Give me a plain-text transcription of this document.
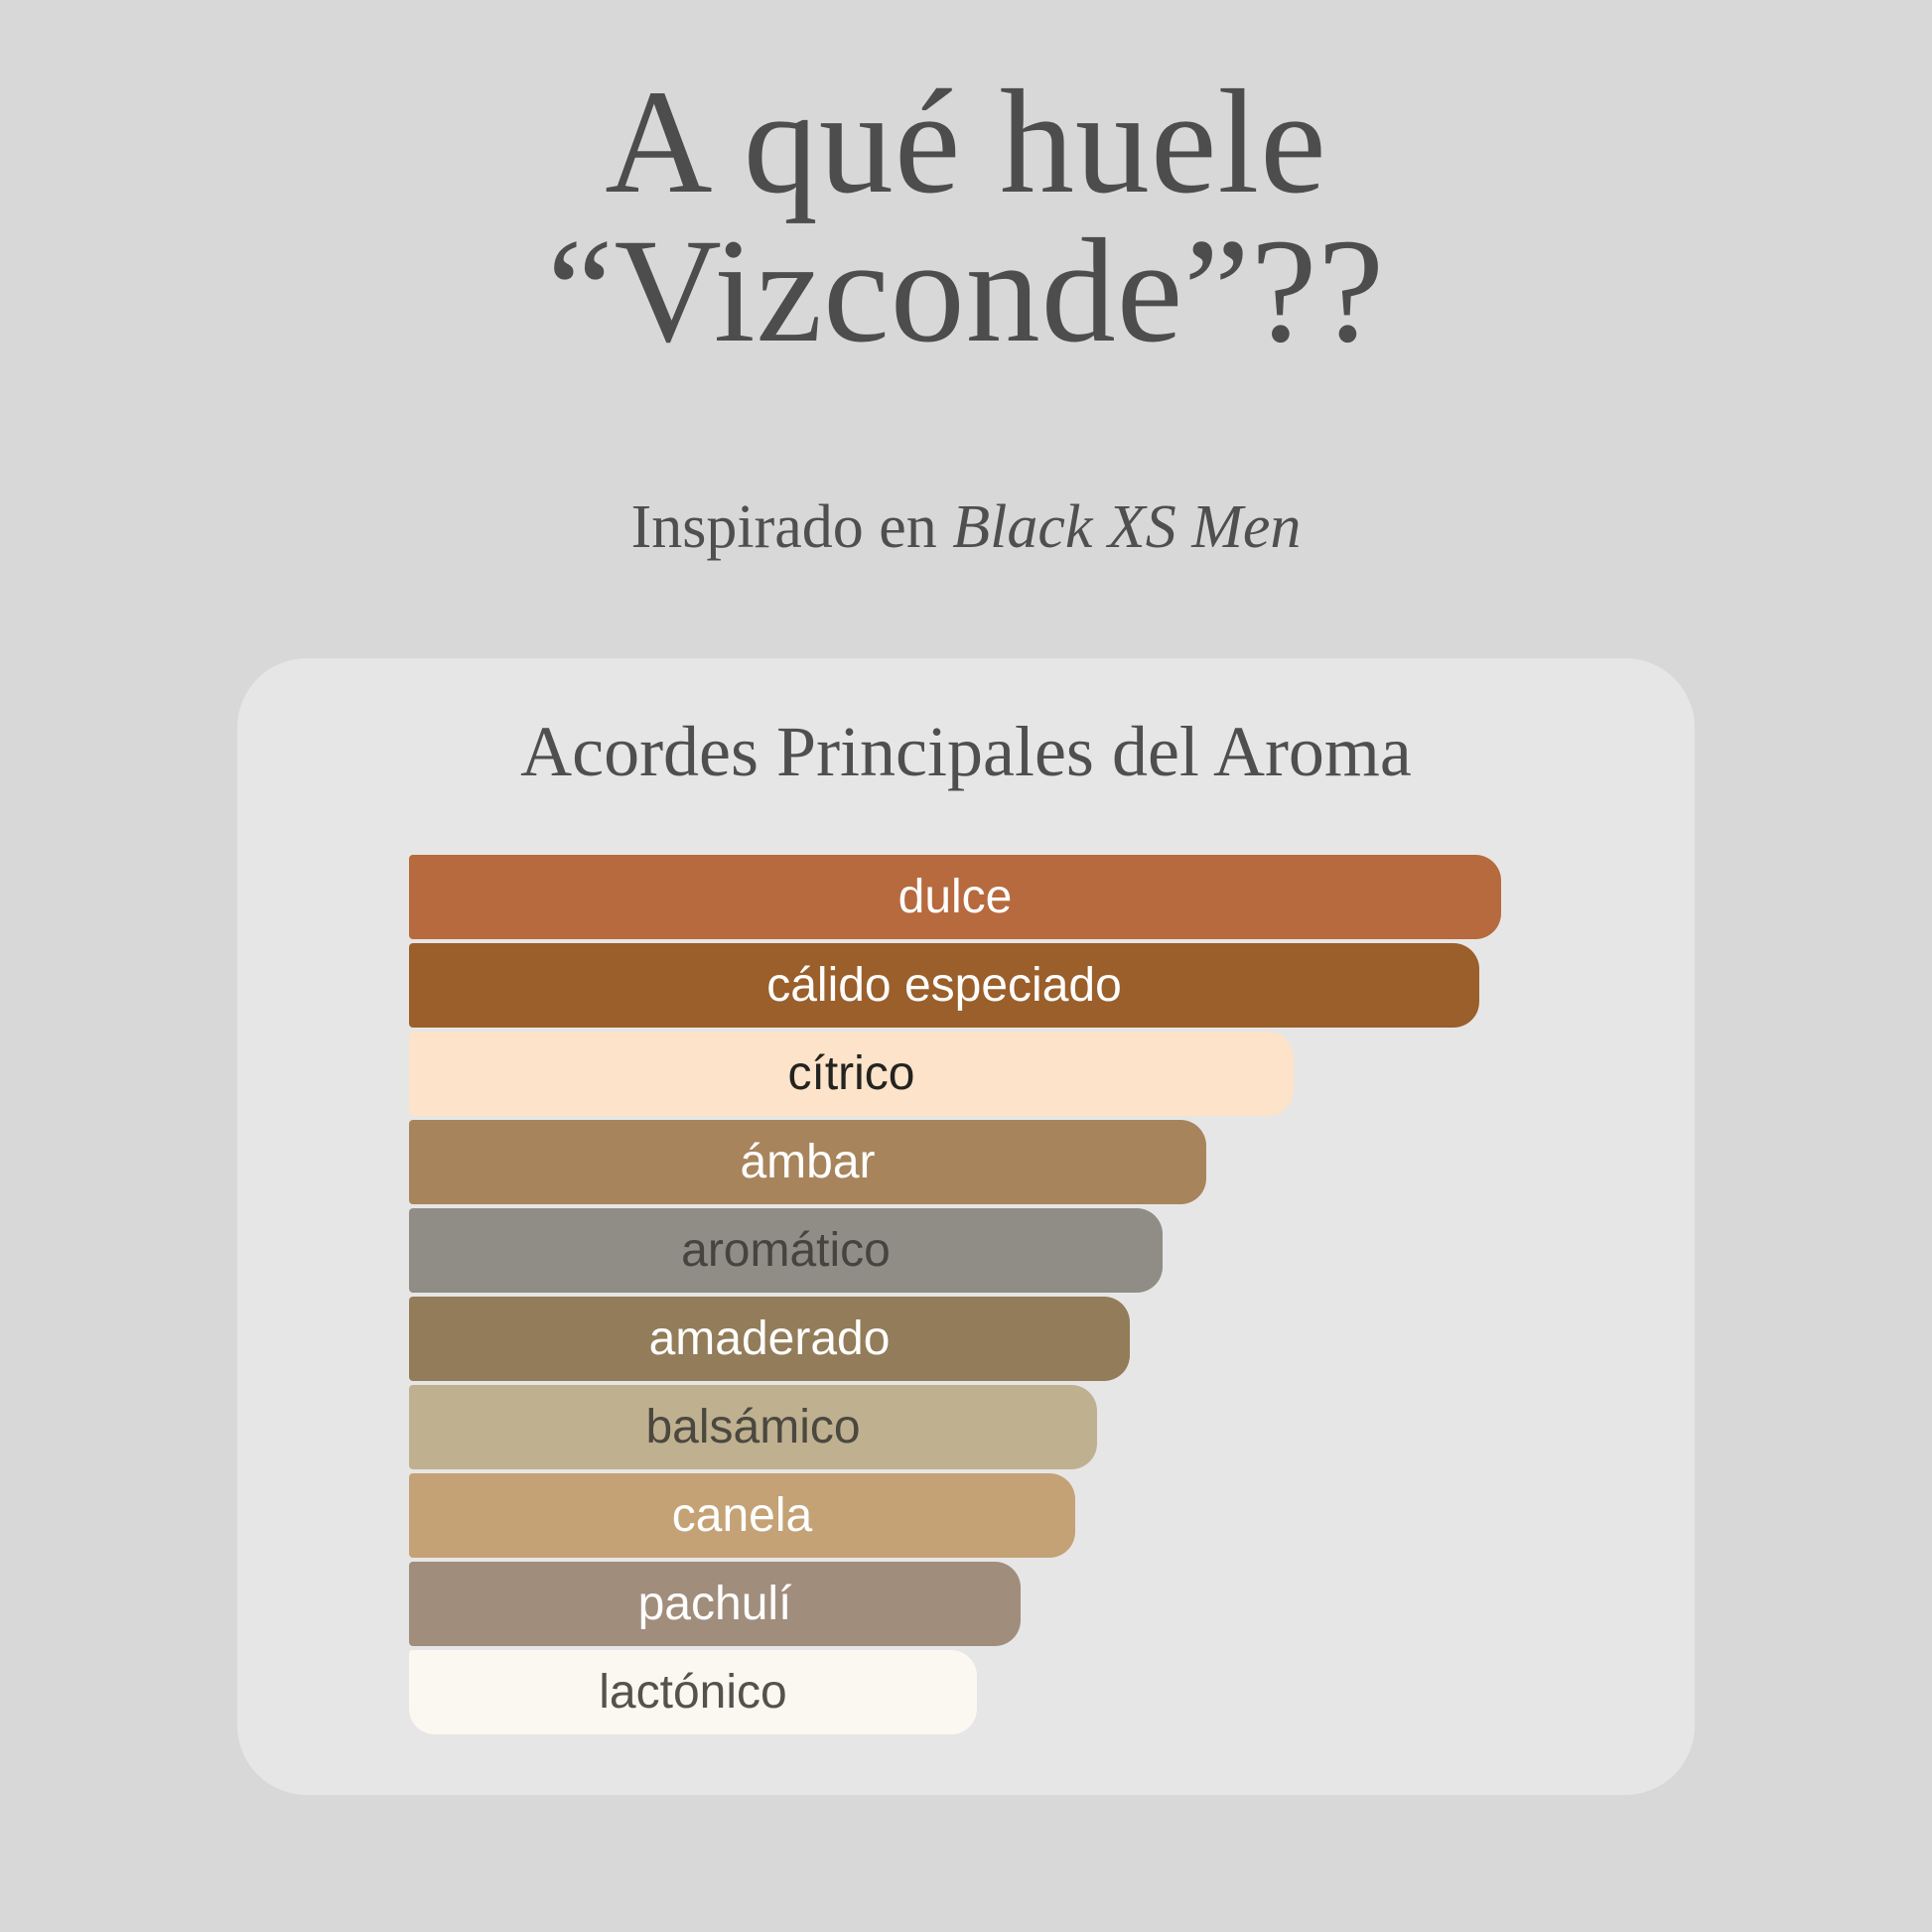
A qué huele
“Vizconde”??
Inspirado en Black XS Men
Acordes Principales del Aroma
dulce
cálido especiado
cítrico
ámbar
aromático
amaderado
balsámico
canela
pachulí
lactónico
